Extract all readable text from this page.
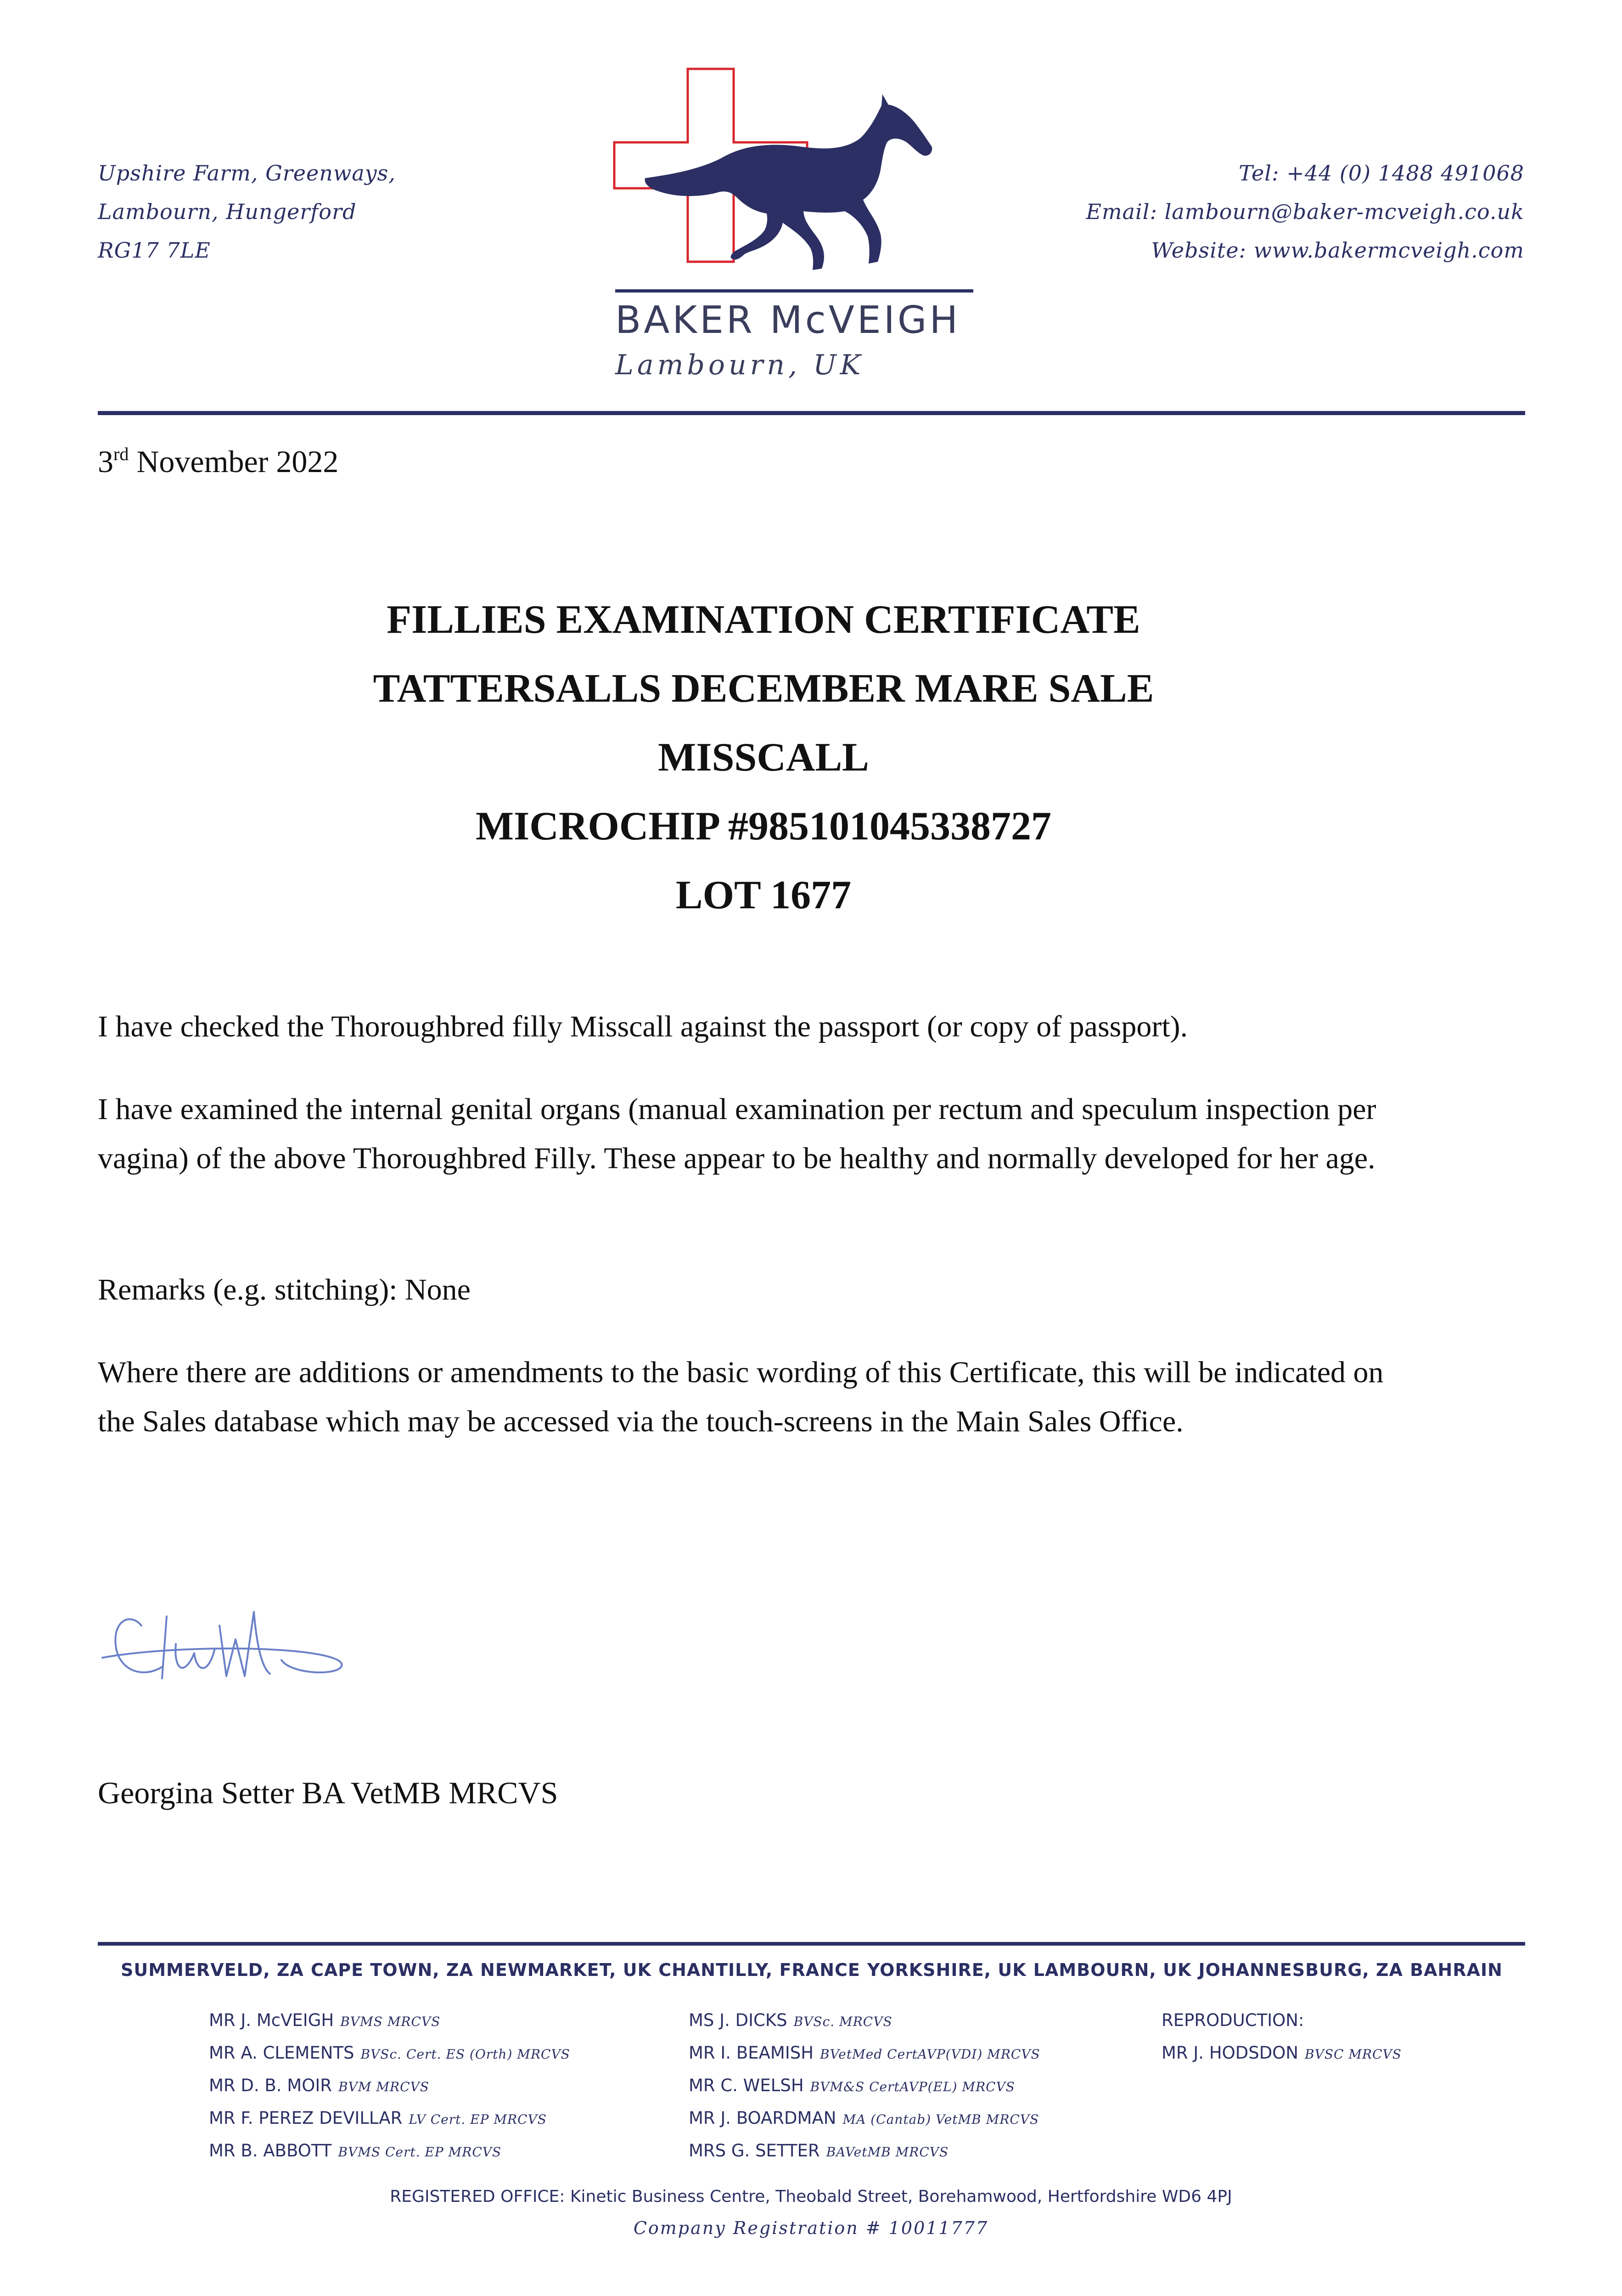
Upshire Farm, Greenways,
Lambourn, Hungerford
RG17 7LE
BAKER McVEIGH
Lambourn, UK
Tel: +44 (0) 1488 491068
Email: lambourn@baker-mcveigh.co.uk
Website: www.bakermcveigh.com
3rd November 2022
FILLIES EXAMINATION CERTIFICATE
TATTERSALLS DECEMBER MARE SALE
MISSCALL
MICROCHIP #985101045338727
LOT 1677
I have checked the Thoroughbred filly Misscall against the passport (or copy of passport).
I have examined the internal genital organs (manual examination per rectum and speculum inspection per vagina) of the above Thoroughbred Filly. These appear to be healthy and normally developed for her age.
Remarks (e.g. stitching): None
Where there are additions or amendments to the basic wording of this Certificate, this will be indicated on the Sales database which may be accessed via the touch-screens in the Main Sales Office.
Georgina Setter BA VetMB MRCVS
SUMMERVELD, ZA CAPE TOWN, ZA NEWMARKET, UK CHANTILLY, FRANCE YORKSHIRE, UK LAMBOURN, UK JOHANNESBURG, ZA BAHRAIN
MR J. McVEIGH BVMS MRCVS
MR A. CLEMENTS BVSc. Cert. ES (Orth) MRCVS
MR D. B. MOIR BVM MRCVS
MR F. PEREZ DEVILLAR LV Cert. EP MRCVS
MR B. ABBOTT BVMS Cert. EP MRCVS
MS J. DICKS BVSc. MRCVS
MR I. BEAMISH BVetMed CertAVP(VDI) MRCVS
MR C. WELSH BVM&S CertAVP(EL) MRCVS
MR J. BOARDMAN MA (Cantab) VetMB MRCVS
MRS G. SETTER BAVetMB MRCVS
REPRODUCTION:
MR J. HODSDON BVSC MRCVS
REGISTERED OFFICE: Kinetic Business Centre, Theobald Street, Borehamwood, Hertfordshire WD6 4PJ
Company Registration # 10011777
